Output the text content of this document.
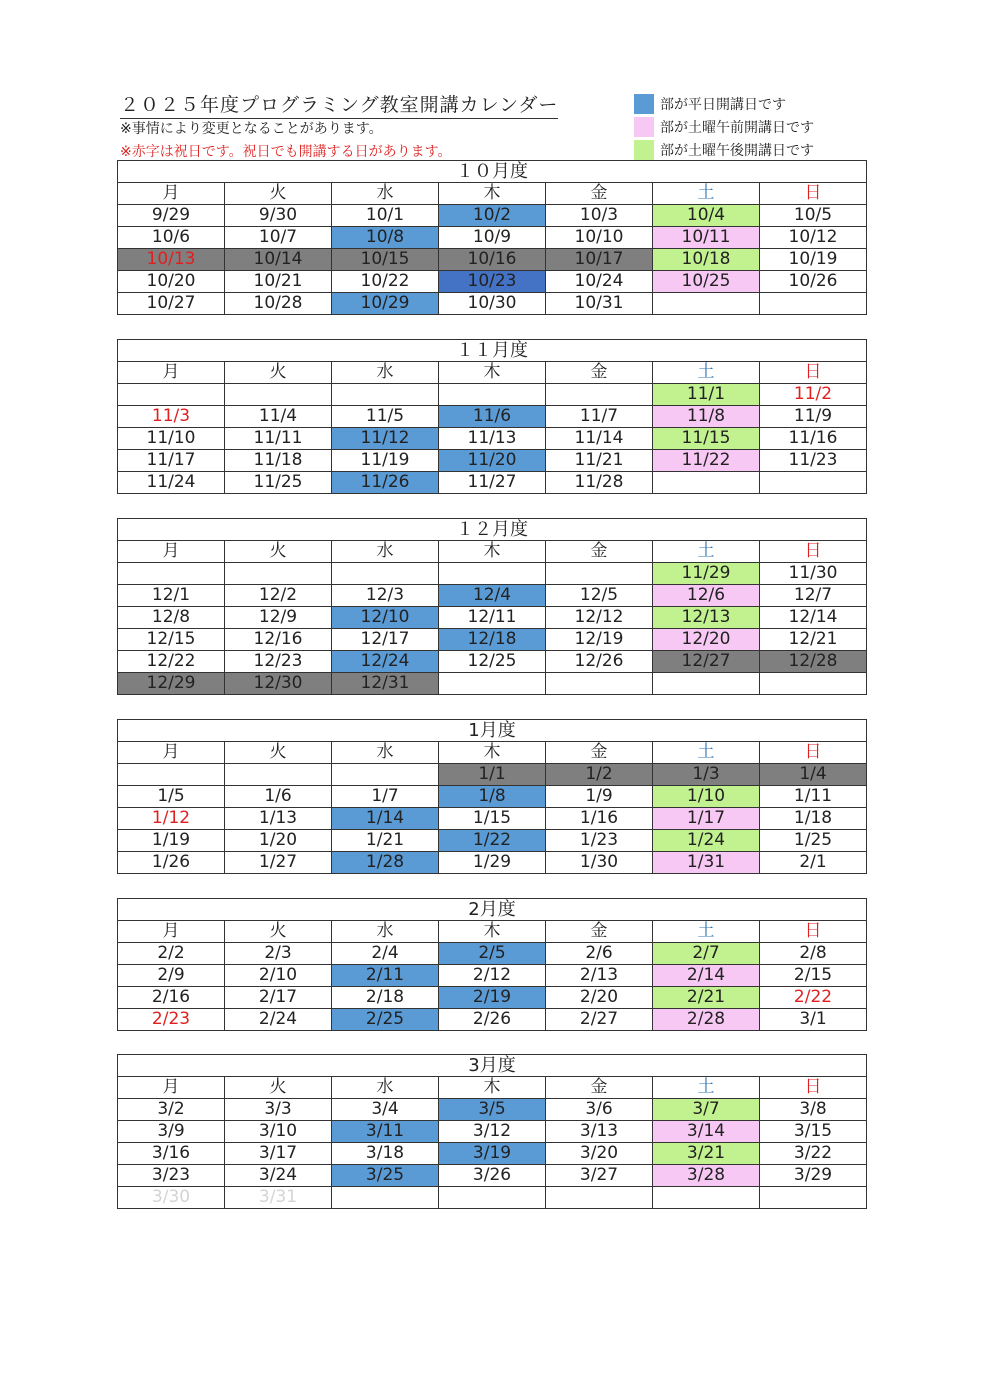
２０２５年度プログラミング教室開講カレンダー
※事情により変更となることがあります。
※赤字は祝日です。祝日でも開講する日があります。
部が平日開講日です
部が土曜午前開講日です
部が土曜午後開講日です
１０月度						
月	火	水	木	金	土	日
9/29	9/30	10/1	10/2	10/3	10/4	10/5
10/6	10/7	10/8	10/9	10/10	10/11	10/12
10/13	10/14	10/15	10/16	10/17	10/18	10/19
10/20	10/21	10/22	10/23	10/24	10/25	10/26
10/27	10/28	10/29	10/30	10/31		
１１月度						
月	火	水	木	金	土	日
					11/1	11/2
11/3	11/4	11/5	11/6	11/7	11/8	11/9
11/10	11/11	11/12	11/13	11/14	11/15	11/16
11/17	11/18	11/19	11/20	11/21	11/22	11/23
11/24	11/25	11/26	11/27	11/28		
１２月度						
月	火	水	木	金	土	日
					11/29	11/30
12/1	12/2	12/3	12/4	12/5	12/6	12/7
12/8	12/9	12/10	12/11	12/12	12/13	12/14
12/15	12/16	12/17	12/18	12/19	12/20	12/21
12/22	12/23	12/24	12/25	12/26	12/27	12/28
12/29	12/30	12/31				
1月度						
月	火	水	木	金	土	日
			1/1	1/2	1/3	1/4
1/5	1/6	1/7	1/8	1/9	1/10	1/11
1/12	1/13	1/14	1/15	1/16	1/17	1/18
1/19	1/20	1/21	1/22	1/23	1/24	1/25
1/26	1/27	1/28	1/29	1/30	1/31	2/1
2月度						
月	火	水	木	金	土	日
2/2	2/3	2/4	2/5	2/6	2/7	2/8
2/9	2/10	2/11	2/12	2/13	2/14	2/15
2/16	2/17	2/18	2/19	2/20	2/21	2/22
2/23	2/24	2/25	2/26	2/27	2/28	3/1
3月度						
月	火	水	木	金	土	日
3/2	3/3	3/4	3/5	3/6	3/7	3/8
3/9	3/10	3/11	3/12	3/13	3/14	3/15
3/16	3/17	3/18	3/19	3/20	3/21	3/22
3/23	3/24	3/25	3/26	3/27	3/28	3/29
3/30	3/31					
